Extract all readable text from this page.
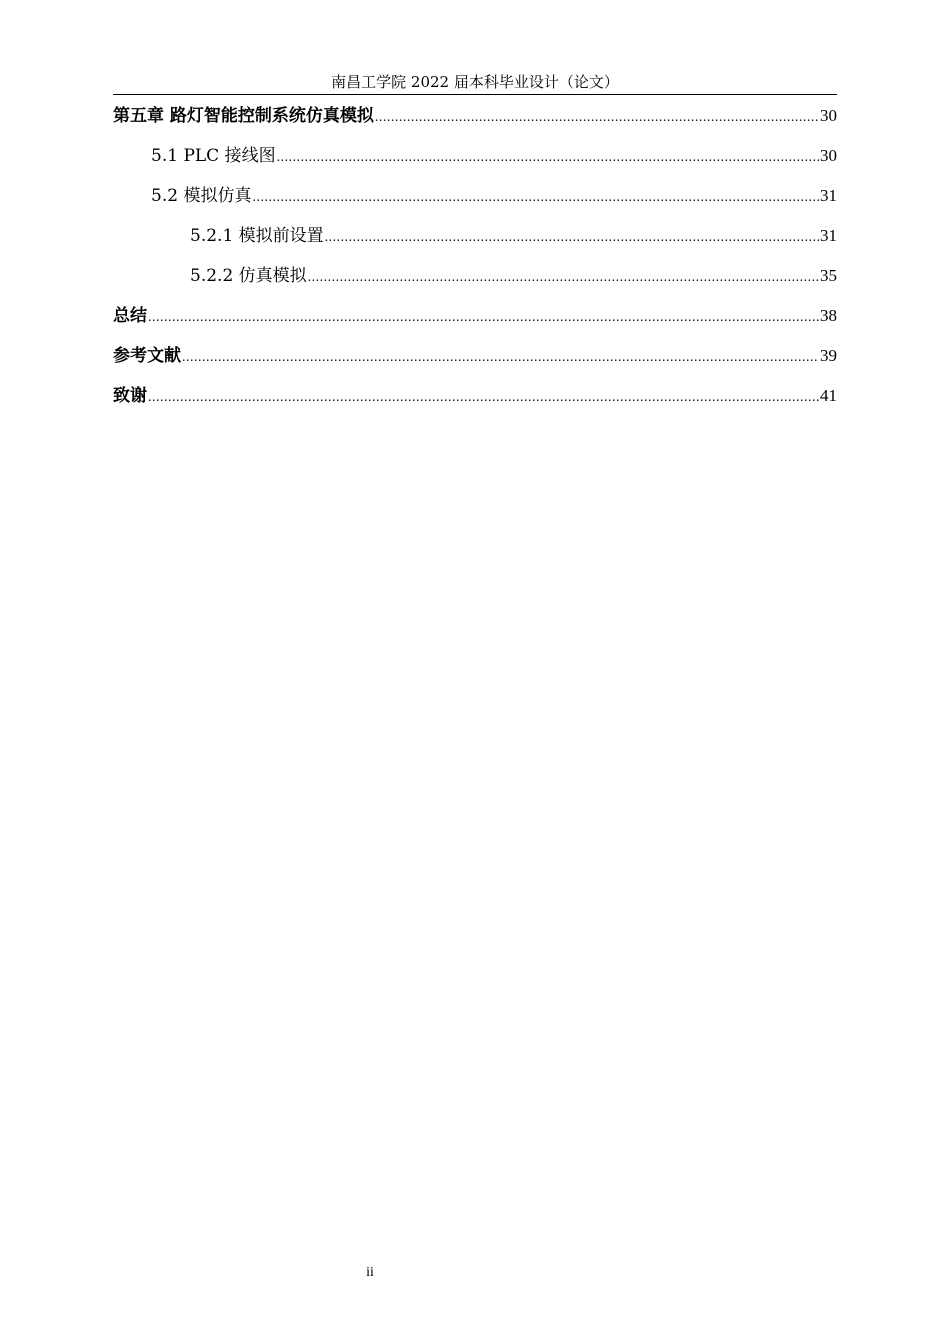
南昌工学院 2022 届本科毕业设计（论文）
第五章 路灯智能控制系统仿真模拟 .....	30
5.1 PLC 接线图 .....	30
5.2 模拟仿真 .....	31
5.2.1 模拟前设置 .....	31
5.2.2 仿真模拟 .....	35
总结 .....	38
参考文献 .....	39
致谢 .....	41
ii
